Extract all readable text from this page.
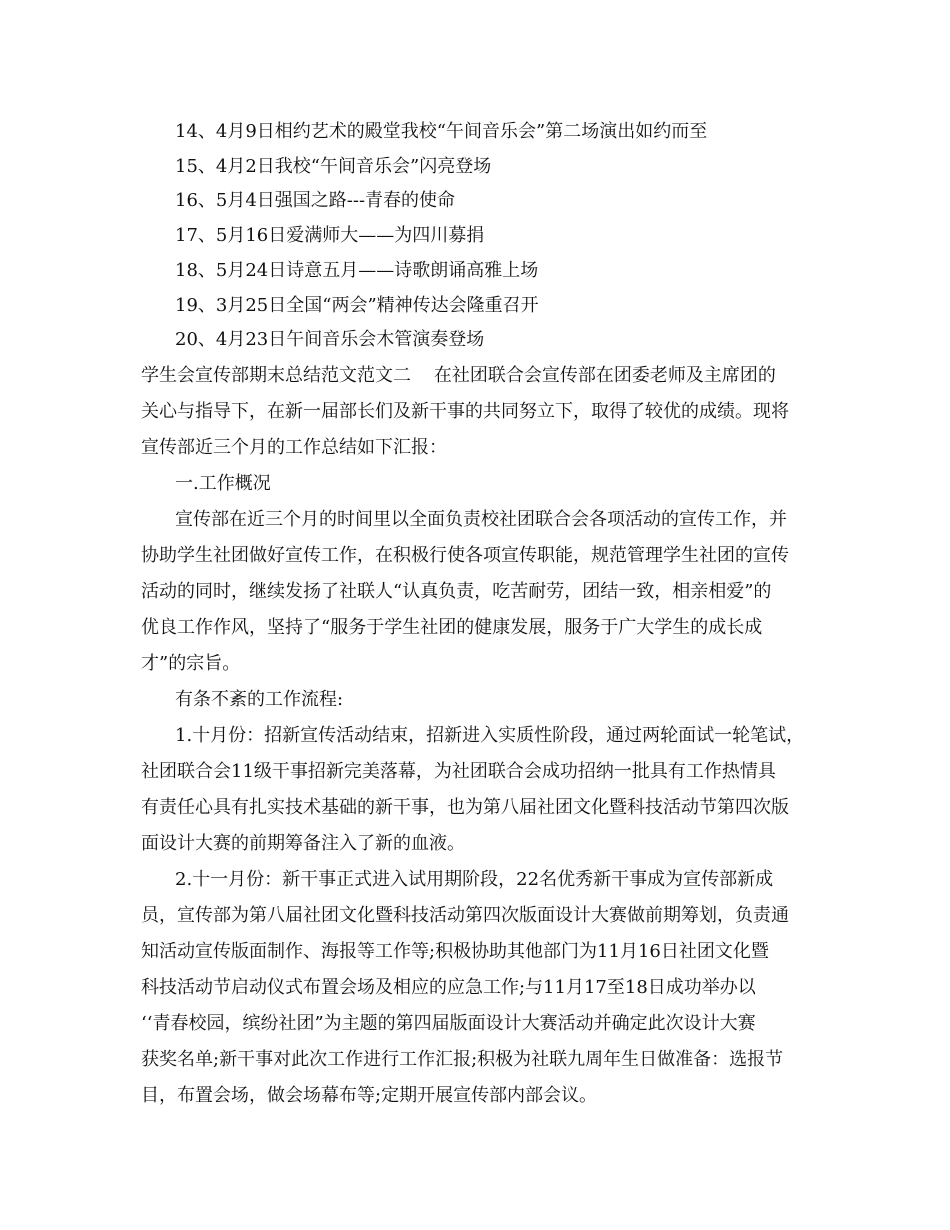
14、4月9日相约艺术的殿堂我校“午间音乐会”第二场演出如约而至
15、4月2日我校“午间音乐会”闪亮登场
16、5月4日强国之路---青春的使命
17、5月16日爱满师大——为四川募捐
18、5月24日诗意五月——诗歌朗诵高雅上场
19、3月25日全国“两会”精神传达会隆重召开
20、4月23日午间音乐会木管演奏登场
学生会宣传部期末总结范文范文二    在社团联合会宣传部在团委老师及主席团的
关心与指导下，在新一届部长们及新干事的共同努立下，取得了较优的成绩。现将
宣传部近三个月的工作总结如下汇报：
一.工作概况
宣传部在近三个月的时间里以全面负责校社团联合会各项活动的宣传工作，并
协助学生社团做好宣传工作，在积极行使各项宣传职能，规范管理学生社团的宣传
活动的同时，继续发扬了社联人“认真负责，吃苦耐劳，团结一致，相亲相爱”的
优良工作作风，坚持了“服务于学生社团的健康发展，服务于广大学生的成长成
才”的宗旨。
有条不紊的工作流程:
1.十月份：招新宣传活动结束，招新进入实质性阶段，通过两轮面试一轮笔试，
社团联合会11级干事招新完美落幕，为社团联合会成功招纳一批具有工作热情具
有责任心具有扎实技术基础的新干事，也为第八届社团文化暨科技活动节第四次版
面设计大赛的前期筹备注入了新的血液。
2.十一月份：新干事正式进入试用期阶段，22名优秀新干事成为宣传部新成
员，宣传部为第八届社团文化暨科技活动第四次版面设计大赛做前期筹划，负责通
知活动宣传版面制作、海报等工作等;积极协助其他部门为11月16日社团文化暨
科技活动节启动仪式布置会场及相应的应急工作;与11月17至18日成功举办以
‘‘青春校园，缤纷社团”为主题的第四届版面设计大赛活动并确定此次设计大赛
获奖名单;新干事对此次工作进行工作汇报;积极为社联九周年生日做准备：选报节
目，布置会场，做会场幕布等;定期开展宣传部内部会议。
